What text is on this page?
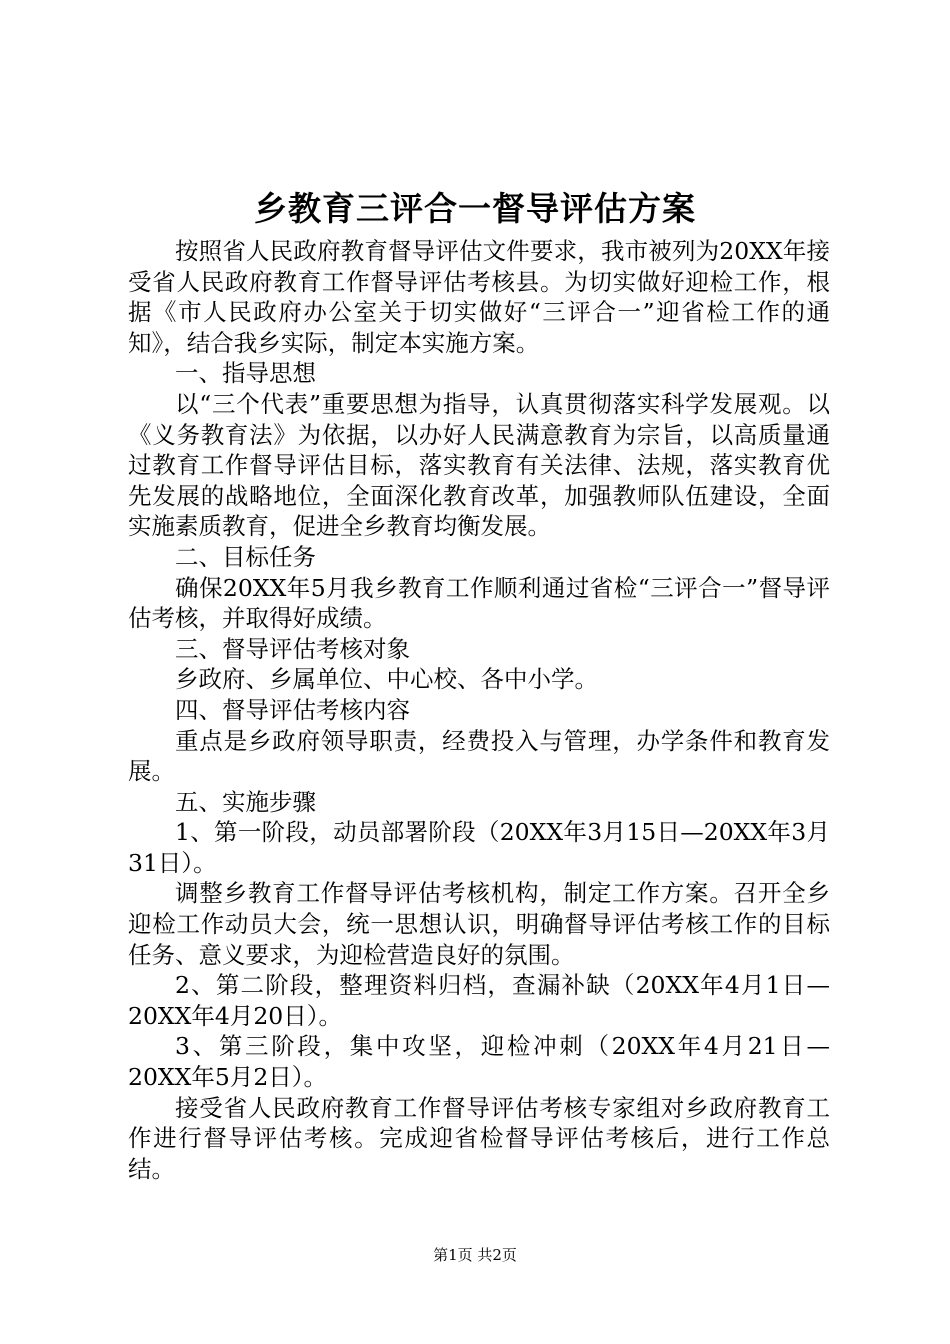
乡教育三评合一督导评估方案

按照省人民政府教育督导评估文件要求，我市被列为20XX年接受省人民政府教育工作督导评估考核县。为切实做好迎检工作，根据《市人民政府办公室关于切实做好“三评合一”迎省检工作的通知》，结合我乡实际，制定本实施方案。

一、指导思想

以“三个代表”重要思想为指导，认真贯彻落实科学发展观。以《义务教育法》为依据，以办好人民满意教育为宗旨，以高质量通过教育工作督导评估目标，落实教育有关法律、法规，落实教育优先发展的战略地位，全面深化教育改革，加强教师队伍建设，全面实施素质教育，促进全乡教育均衡发展。

二、目标任务

确保20XX年5月我乡教育工作顺利通过省检“三评合一”督导评估考核，并取得好成绩。

三、督导评估考核对象

乡政府、乡属单位、中心校、各中小学。

四、督导评估考核内容

重点是乡政府领导职责，经费投入与管理，办学条件和教育发展。

五、实施步骤

1、第一阶段，动员部署阶段（20XX年3月15日—20XX年3月31日）。

调整乡教育工作督导评估考核机构，制定工作方案。召开全乡迎检工作动员大会，统一思想认识，明确督导评估考核工作的目标任务、意义要求，为迎检营造良好的氛围。

2、第二阶段，整理资料归档，查漏补缺（20XX年4月1日—20XX年4月20日）。

3、第三阶段，集中攻坚，迎检冲刺（20XX年4月21日—20XX年5月2日）。

接受省人民政府教育工作督导评估考核专家组对乡政府教育工作进行督导评估考核。完成迎省检督导评估考核后，进行工作总结。

第1页 共2页
